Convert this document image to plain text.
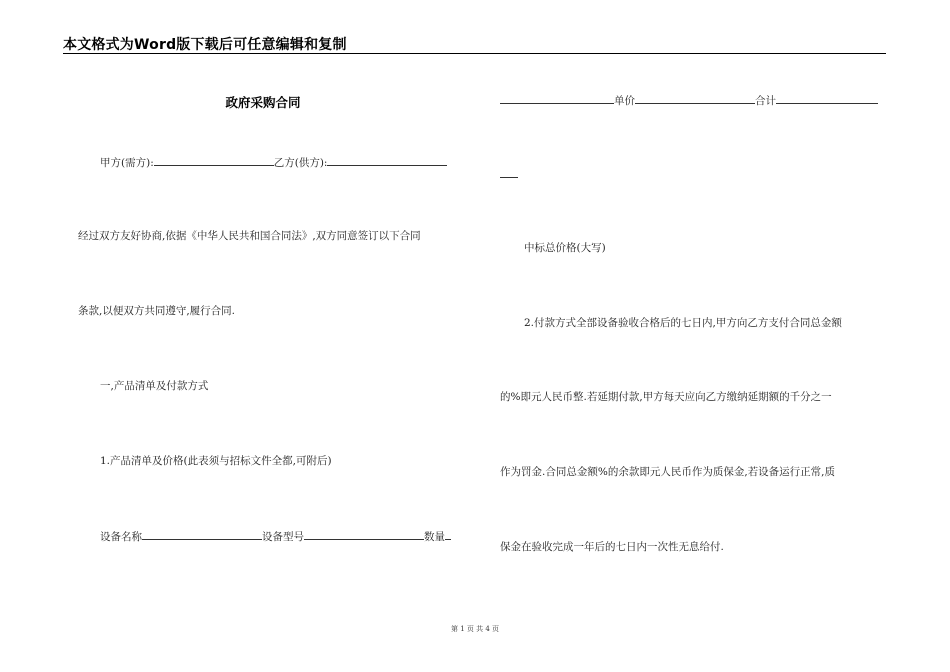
本文格式为Word版下载后可任意编辑和复制
政府采购合同
甲方(需方):	乙方(供方):
经过双方友好协商,依据《中华人民共和国合同法》,双方同意签订以下合同
条款,以便双方共同遵守,履行合同.
一,产品清单及付款方式
1.产品清单及价格(此表须与招标文件全都,可附后)
设备名称	设备型号	数量
单价	合计
中标总价格(大写)
2.付款方式全部设备验收合格后的七日内,甲方向乙方支付合同总金额
的%即元人民币整.若延期付款,甲方每天应向乙方缴纳延期额的千分之一
作为罚金.合同总金额%的余款即元人民币作为质保金,若设备运行正常,质
保金在验收完成一年后的七日内一次性无息给付.
第 1 页 共 4 页
